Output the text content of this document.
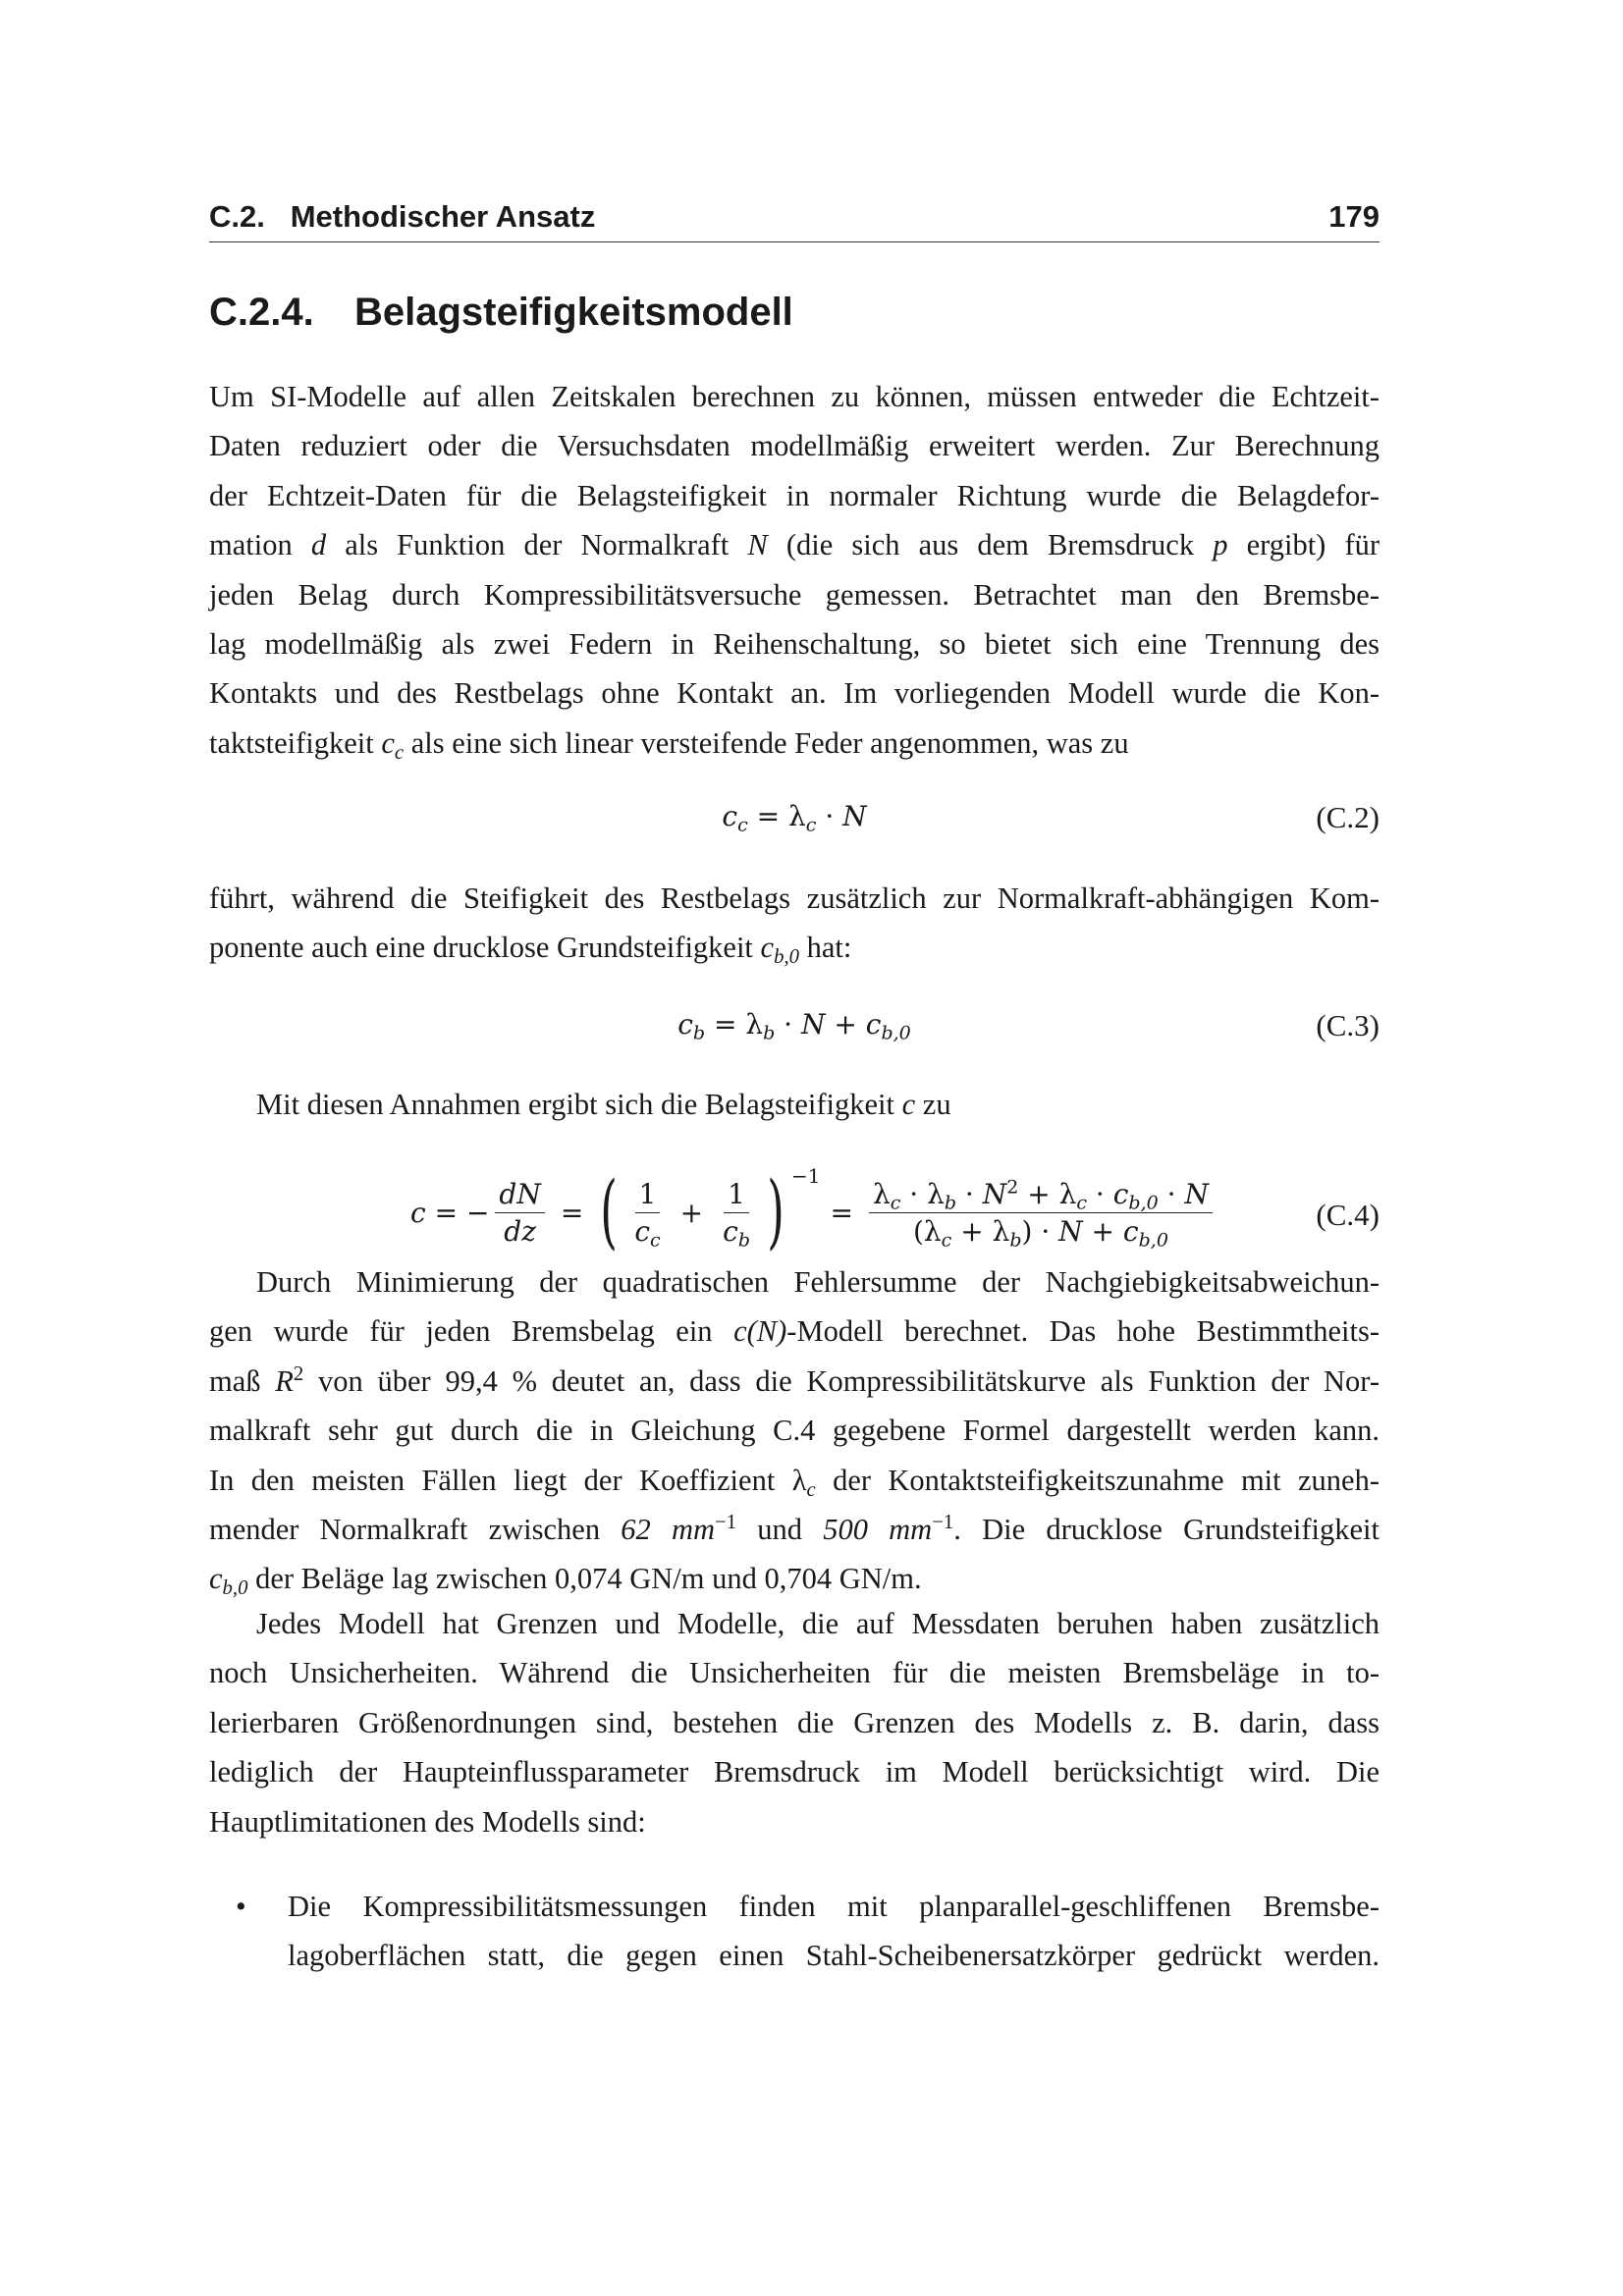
C.2.   Methodischer Ansatz	179
C.2.4. Belagsteifigkeitsmodell
Um SI-Modelle auf allen Zeitskalen berechnen zu können, müssen entweder die Echtzeit-
Daten reduziert oder die Versuchsdaten modellmäßig erweitert werden. Zur Berechnung
der Echtzeit-Daten für die Belagsteifigkeit in normaler Richtung wurde die Belagdefor-
mation d als Funktion der Normalkraft N (die sich aus dem Bremsdruck p ergibt) für
jeden Belag durch Kompressibilitätsversuche gemessen. Betrachtet man den Bremsbe-
lag modellmäßig als zwei Federn in Reihenschaltung, so bietet sich eine Trennung des
Kontakts und des Restbelags ohne Kontakt an. Im vorliegenden Modell wurde die Kon-
taktsteifigkeit $c_c$ als eine sich linear versteifende Feder angenommen, was zu
$c_c = \lambda_c \cdot N$	(C.2)
führt, während die Steifigkeit des Restbelags zusätzlich zur Normalkraft-abhängigen Kom-
ponente auch eine drucklose Grundsteifigkeit $c_{b,0}$ hat:
$c_b = \lambda_b \cdot N + c_{b,0}$	(C.3)
Mit diesen Annahmen ergibt sich die Belagsteifigkeit c zu
c = − $\frac{dN}{dz}$ = ( $\frac{1}{c_c} + \frac{1}{c_b}$ ) −1
= $\frac{\lambda_c \cdot \lambda_b \cdot N^2 + \lambda_c \cdot c_{b,0} \cdot N}{(\lambda_c + \lambda_b) \cdot N + c_{b,0}}$	(C.4)
Durch Minimierung der quadratischen Fehlersumme der Nachgiebigkeitsabweichun-
gen wurde für jeden Bremsbelag ein c(N)-Modell berechnet. Das hohe Bestimmtheits-
maß $R^2$ von über 99,4 % deutet an, dass die Kompressibilitätskurve als Funktion der Nor-
malkraft sehr gut durch die in Gleichung C.4 gegebene Formel dargestellt werden kann.
In den meisten Fällen liegt der Koeffizient $\lambda_c$ der Kontaktsteifigkeitszunahme mit zuneh-
mender Normalkraft zwischen 62 $mm^{-1}$ und 500 $mm^{-1}$. Die drucklose Grundsteifigkeit
$c_{b,0}$ der Beläge lag zwischen 0,074 GN/m und 0,704 GN/m.
Jedes Modell hat Grenzen und Modelle, die auf Messdaten beruhen haben zusätzlich
noch Unsicherheiten. Während die Unsicherheiten für die meisten Bremsbeläge in to-
lerierbaren Größenordnungen sind, bestehen die Grenzen des Modells z. B. darin, dass
lediglich der Haupteinflussparameter Bremsdruck im Modell berücksichtigt wird. Die
Hauptlimitationen des Modells sind:
• Die Kompressibilitätsmessungen finden mit planparallel-geschliffenen Bremsbe-
lagoberflächen statt, die gegen einen Stahl-Scheibenersatzkörper gedrückt werden.
